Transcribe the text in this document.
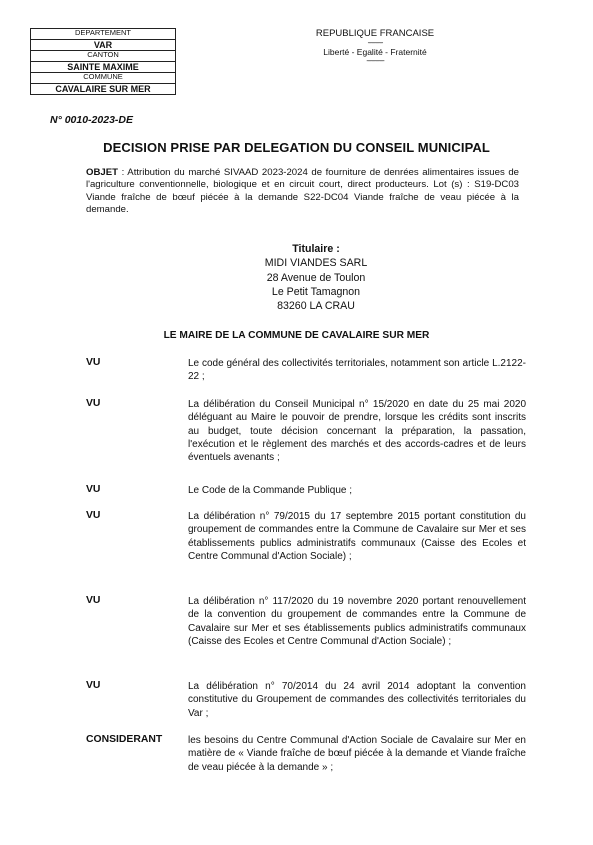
DEPARTEMENT
VAR
CANTON
SAINTE MAXIME
COMMUNE
CAVALAIRE SUR MER
REPUBLIQUE FRANCAISE
-----------
Liberté - Egalité - Fraternité
-------------
N° 0010-2023-DE
DECISION PRISE PAR DELEGATION DU CONSEIL MUNICIPAL
OBJET : Attribution du marché SIVAAD 2023-2024 de fourniture de denrées alimentaires issues de l'agriculture conventionnelle, biologique et en circuit court, direct producteurs. Lot (s) : S19-DC03 Viande fraîche de bœuf piécée à la demande S22-DC04 Viande fraîche de veau piécée à la demande.
Titulaire :
MIDI VIANDES SARL
28 Avenue de Toulon
Le Petit Tamagnon
83260 LA CRAU
LE MAIRE DE LA COMMUNE DE CAVALAIRE SUR MER
VU	Le code général des collectivités territoriales, notamment son article L.2122-22 ;
VU	La délibération du Conseil Municipal n° 15/2020 en date du 25 mai 2020 déléguant au Maire le pouvoir de prendre, lorsque les crédits sont inscrits au budget, toute décision concernant la préparation, la passation, l'exécution et le règlement des marchés et des accords-cadres et de leurs éventuels avenants ;
VU	Le Code de la Commande Publique ;
VU	La délibération n° 79/2015 du 17 septembre 2015 portant constitution du groupement de commandes entre la Commune de Cavalaire sur Mer et ses établissements publics administratifs communaux (Caisse des Ecoles et Centre Communal d'Action Sociale) ;
VU	La délibération n° 117/2020 du 19 novembre 2020 portant renouvellement de la convention du groupement de commandes entre la Commune de Cavalaire sur Mer et ses établissements publics administratifs communaux (Caisse des Ecoles et Centre Communal d'Action Sociale) ;
VU	La délibération n° 70/2014 du 24 avril 2014 adoptant la convention constitutive du Groupement de commandes des collectivités territoriales du Var ;
CONSIDERANT	les besoins du Centre Communal d'Action Sociale de Cavalaire sur Mer en matière de « Viande fraîche de bœuf piécée à la demande et Viande fraîche de veau piécée à la demande » ;
